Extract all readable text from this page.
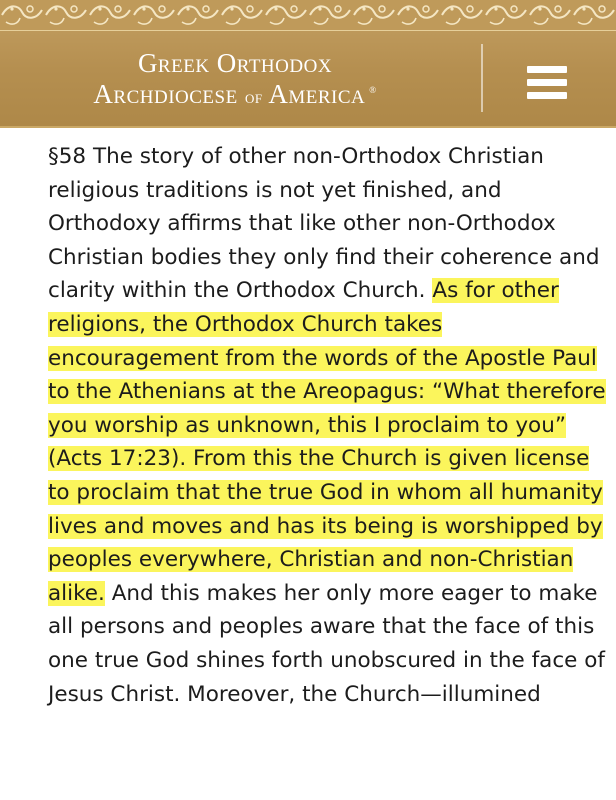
Greek Orthodox
Archdiocese of America ®

§58 The story of other non-Orthodox Christian religious traditions is not yet finished, and Orthodoxy affirms that like other non-Orthodox Christian bodies they only find their coherence and clarity within the Orthodox Church. As for other religions, the Orthodox Church takes encouragement from the words of the Apostle Paul to the Athenians at the Areopagus: “What therefore you worship as unknown, this I proclaim to you” (Acts 17:23). From this the Church is given license to proclaim that the true God in whom all humanity lives and moves and has its being is worshipped by peoples everywhere, Christian and non-Christian alike. And this makes her only more eager to make all persons and peoples aware that the face of this one true God shines forth unobscured in the face of Jesus Christ. Moreover, the Church—illumined
